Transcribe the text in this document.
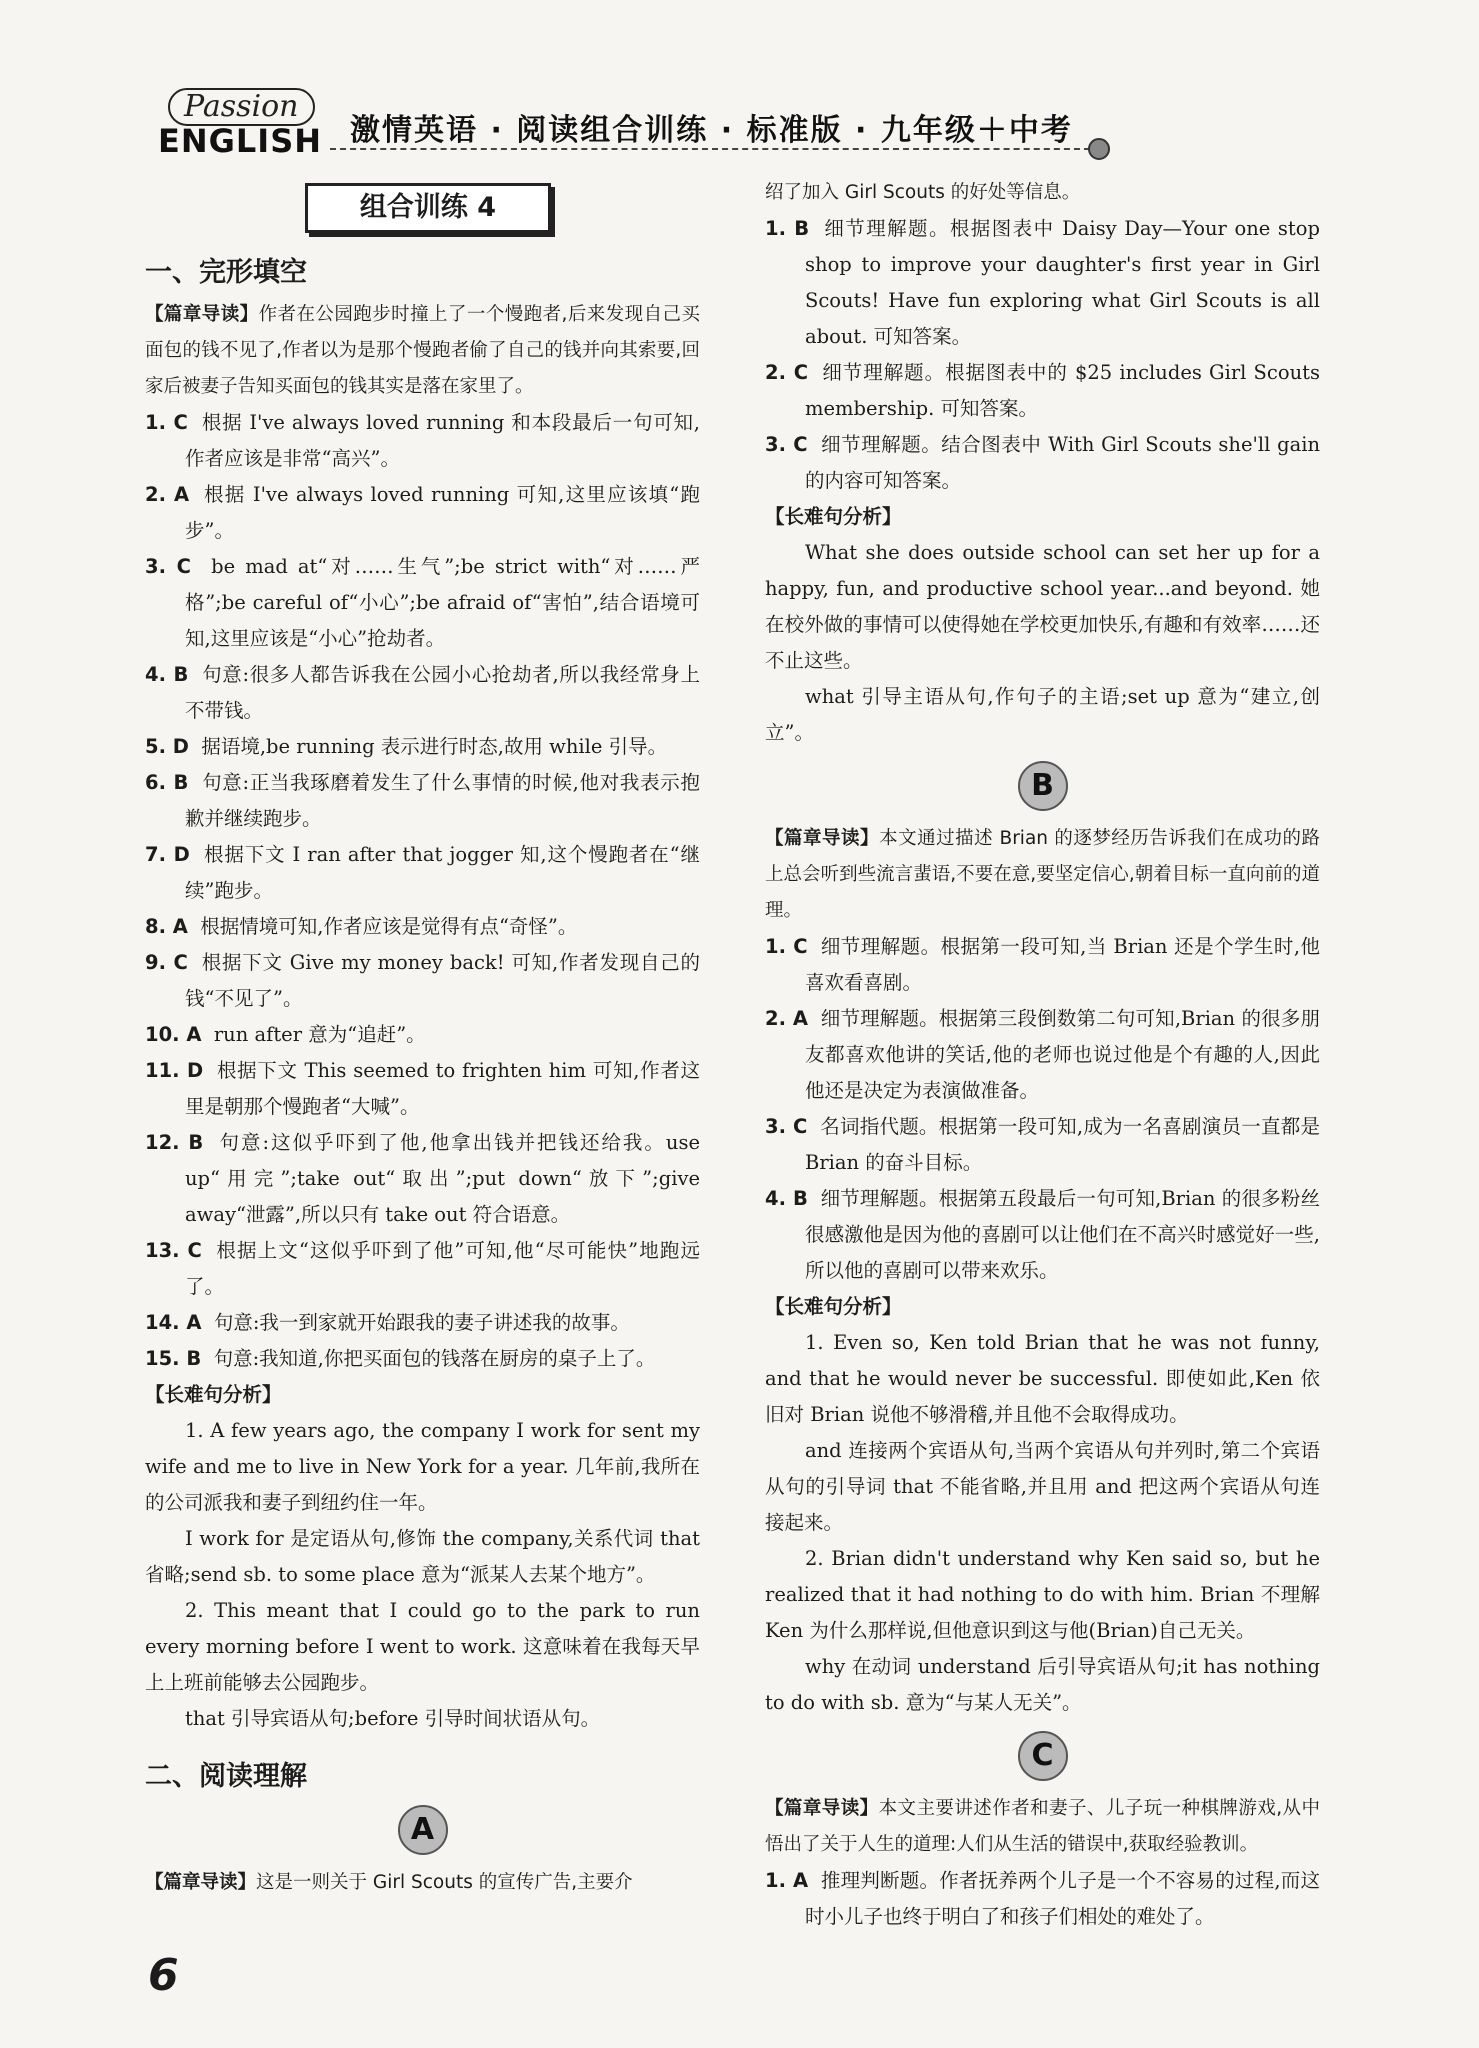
Passion
ENGLISH 激情英语 · 阅读组合训练 · 标准版 · 九年级＋中考
组合训练 4
一、完形填空

【篇章导读】作者在公园跑步时撞上了一个慢跑者,后来发现自己买面包的钱不见了,作者以为是那个慢跑者偷了自己的钱并向其索要,回家后被妻子告知买面包的钱其实是落在家里了。

1. C 根据 I've always loved running 和本段最后一句可知,作者应该是非常“高兴”。

2. A 根据 I've always loved running 可知,这里应该填“跑步”。

3. C be mad at“对……生气”;be strict with“对……严格”;be careful of“小心”;be afraid of“害怕”,结合语境可知,这里应该是“小心”抢劫者。

4. B 句意:很多人都告诉我在公园小心抢劫者,所以我经常身上不带钱。

5. D 据语境,be running 表示进行时态,故用 while 引导。

6. B 句意:正当我琢磨着发生了什么事情的时候,他对我表示抱歉并继续跑步。

7. D 根据下文 I ran after that jogger 知,这个慢跑者在“继续”跑步。

8. A 根据情境可知,作者应该是觉得有点“奇怪”。

9. C 根据下文 Give my money back! 可知,作者发现自己的钱“不见了”。

10. A run after 意为“追赶”。

11. D 根据下文 This seemed to frighten him 可知,作者这里是朝那个慢跑者“大喊”。

12. B 句意:这似乎吓到了他,他拿出钱并把钱还给我。use up“用完”;take out“取出”;put down“放下”;give away“泄露”,所以只有 take out 符合语意。

13. C 根据上文“这似乎吓到了他”可知,他“尽可能快”地跑远了。

14. A 句意:我一到家就开始跟我的妻子讲述我的故事。

15. B 句意:我知道,你把买面包的钱落在厨房的桌子上了。

【长难句分析】

1. A few years ago, the company I work for sent my wife and me to live in New York for a year. 几年前,我所在的公司派我和妻子到纽约住一年。

I work for 是定语从句,修饰 the company,关系代词 that 省略;send sb. to some place 意为“派某人去某个地方”。

2. This meant that I could go to the park to run every morning before I went to work. 这意味着在我每天早上上班前能够去公园跑步。

that 引导宾语从句;before 引导时间状语从句。

二、阅读理解
A

【篇章导读】这是一则关于 Girl Scouts 的宣传广告,主要介

绍了加入 Girl Scouts 的好处等信息。

1. B 细节理解题。根据图表中 Daisy Day—Your one stop shop to improve your daughter's first year in Girl Scouts! Have fun exploring what Girl Scouts is all about. 可知答案。

2. C 细节理解题。根据图表中的 $25 includes Girl Scouts membership. 可知答案。

3. C 细节理解题。结合图表中 With Girl Scouts she'll gain 的内容可知答案。

【长难句分析】

What she does outside school can set her up for a happy, fun, and productive school year...and beyond. 她在校外做的事情可以使得她在学校更加快乐,有趣和有效率……还不止这些。

what 引导主语从句,作句子的主语;set up 意为“建立,创立”。

B

【篇章导读】本文通过描述 Brian 的逐梦经历告诉我们在成功的路上总会听到些流言蜚语,不要在意,要坚定信心,朝着目标一直向前的道理。

1. C 细节理解题。根据第一段可知,当 Brian 还是个学生时,他喜欢看喜剧。

2. A 细节理解题。根据第三段倒数第二句可知,Brian 的很多朋友都喜欢他讲的笑话,他的老师也说过他是个有趣的人,因此他还是决定为表演做准备。

3. C 名词指代题。根据第一段可知,成为一名喜剧演员一直都是 Brian 的奋斗目标。

4. B 细节理解题。根据第五段最后一句可知,Brian 的很多粉丝很感激他是因为他的喜剧可以让他们在不高兴时感觉好一些,所以他的喜剧可以带来欢乐。

【长难句分析】

1. Even so, Ken told Brian that he was not funny, and that he would never be successful. 即使如此,Ken 依旧对 Brian 说他不够滑稽,并且他不会取得成功。

and 连接两个宾语从句,当两个宾语从句并列时,第二个宾语从句的引导词 that 不能省略,并且用 and 把这两个宾语从句连接起来。

2. Brian didn't understand why Ken said so, but he realized that it had nothing to do with him. Brian 不理解 Ken 为什么那样说,但他意识到这与他(Brian)自己无关。

why 在动词 understand 后引导宾语从句;it has nothing to do with sb. 意为“与某人无关”。

C

【篇章导读】本文主要讲述作者和妻子、儿子玩一种棋牌游戏,从中悟出了关于人生的道理:人们从生活的错误中,获取经验教训。

1. A 推理判断题。作者抚养两个儿子是一个不容易的过程,而这时小儿子也终于明白了和孩子们相处的难处了。

6
